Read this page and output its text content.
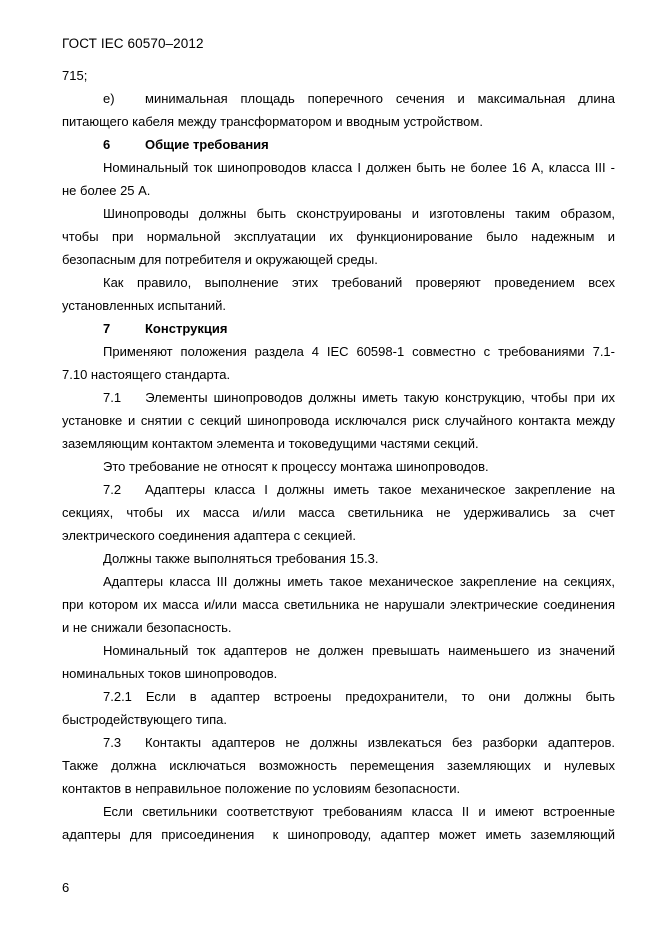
ГОСТ IEC 60570–2012

715;

е) минимальная площадь поперечного сечения и максимальная длина

питающего кабеля между трансформатором и вводным устройством.

6	Общие требования

Номинальный ток шинопроводов класса I должен быть не более 16 А, класса III -

не более 25 А.

Шинопроводы должны быть сконструированы и изготовлены таким образом,

чтобы при нормальной эксплуатации их функционирование было надежным и

безопасным для потребителя и окружающей среды.

Как правило, выполнение этих требований проверяют проведением всех

установленных испытаний.

7	Конструкция

Применяют положения раздела 4 IEC 60598-1 совместно с требованиями 7.1-

7.10 настоящего стандарта.

7.1    Элементы шинопроводов должны иметь такую конструкцию, чтобы при их

установке и снятии с секций шинопровода исключался риск случайного контакта между

заземляющим контактом элемента и токоведущими частями секций.

Это требование не относят к процессу монтажа шинопроводов.

7.2 Адаптеры класса I должны иметь такое механическое закрепление на

секциях, чтобы их масса и/или масса светильника не удерживались за счет

электрического соединения адаптера с секцией.

Должны также выполняться требования 15.3.

Адаптеры класса III должны иметь такое механическое закрепление на секциях,

при котором их масса и/или масса светильника не нарушали электрические соединения

и не снижали безопасность.

Номинальный ток адаптеров не должен превышать наименьшего из значений

номинальных токов шинопроводов.

7.2.1 Если в адаптер встроены предохранители, то они должны быть

быстродействующего типа.

7.3 Контакты адаптеров не должны извлекаться без разборки адаптеров.

Также должна исключаться возможность перемещения заземляющих и нулевых

контактов в неправильное положение по условиям безопасности.

Если светильники соответствуют требованиям класса II и имеют встроенные

адаптеры для присоединения  к шинопроводу, адаптер может иметь заземляющий

6
